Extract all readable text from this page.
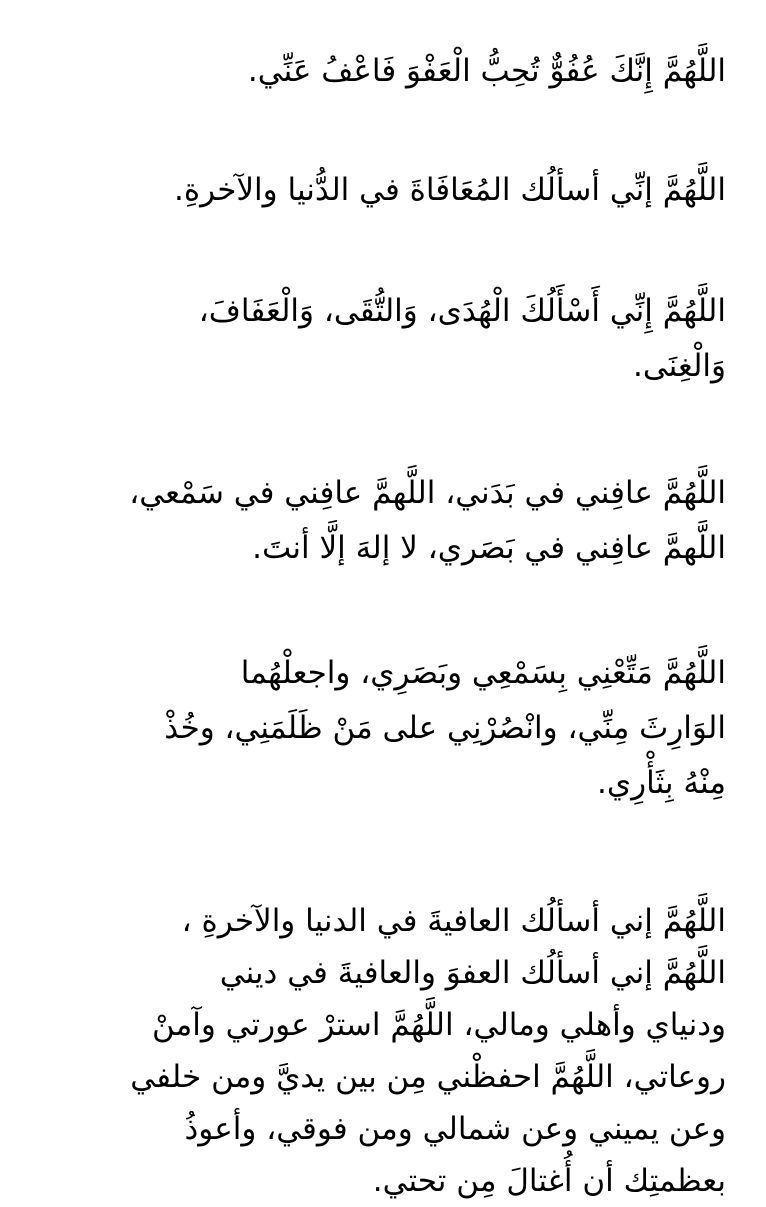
اللَّهُمَّ إِنَّكَ عُفُوٌّ تُحِبُّ الْعَفْوَ فَاعْفُ عَنِّي.

اللَّهُمَّ إنِّي أسألُك المُعَافَاةَ في الدُّنيا والآخرةِ.

اللَّهُمَّ إِنِّي أَسْأَلُكَ الْهُدَى، وَالتُّقَى، وَالْعَفَافَ،
وَالْغِنَى.

اللَّهُمَّ عافِني في بَدَني، اللَّهمَّ عافِني في سَمْعي،
اللَّهمَّ عافِني في بَصَري، لا إلهَ إلَّا أنتَ.

اللَّهُمَّ مَتِّعْنِي بِسَمْعِي وبَصَرِي، واجعلْهُما
الوَارِثَ مِنِّي، وانْصُرْنِي على مَنْ ظَلَمَنِي، وخُذْ
مِنْهُ بِثَأْرِي.

اللَّهُمَّ إني أسألُك العافيةَ في الدنيا والآخرةِ ،
اللَّهُمَّ إني أسألُك العفوَ والعافيةَ في ديني
ودنياي وأهلي ومالي، اللَّهُمَّ استرْ عورتي وآمنْ
روعاتي، اللَّهُمَّ احفظْني مِن بين يديَّ ومن خلفي
وعن يميني وعن شمالي ومن فوقي، وأعوذُ
بعظمتِك أن أُغتالَ مِن تحتي.
